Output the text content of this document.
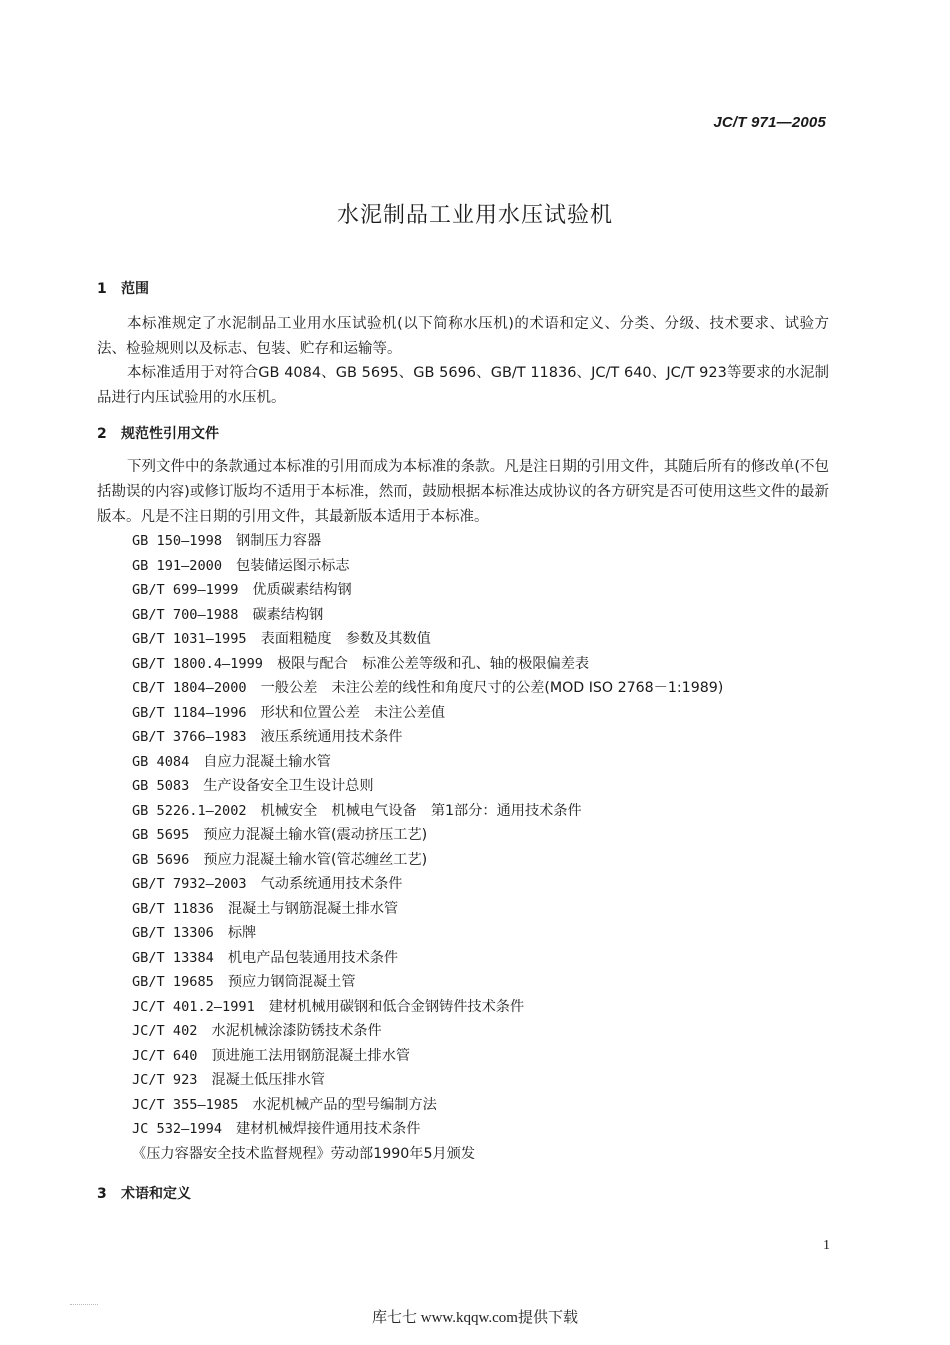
JC/T 971—2005
水泥制品工业用水压试验机
1 范围
本标准规定了水泥制品工业用水压试验机(以下简称水压机)的术语和定义、分类、分级、技术要求、试验方法、检验规则以及标志、包装、贮存和运输等。
本标准适用于对符合GB 4084、GB 5695、GB 5696、GB/T 11836、JC/T 640、JC/T 923等要求的水泥制品进行内压试验用的水压机。
2 规范性引用文件
下列文件中的条款通过本标准的引用而成为本标准的条款。凡是注日期的引用文件，其随后所有的修改单(不包括勘误的内容)或修订版均不适用于本标准，然而，鼓励根据本标准达成协议的各方研究是否可使用这些文件的最新版本。凡是不注日期的引用文件，其最新版本适用于本标准。
GB 150—1998 钢制压力容器
GB 191—2000 包装储运图示标志
GB/T 699—1999 优质碳素结构钢
GB/T 700—1988 碳素结构钢
GB/T 1031—1995 表面粗糙度　参数及其数值
GB/T 1800.4—1999 极限与配合　标准公差等级和孔、轴的极限偏差表
CB/T 1804—2000 一般公差　未注公差的线性和角度尺寸的公差(MOD ISO 2768－1:1989)
GB/T 1184—1996 形状和位置公差　未注公差值
GB/T 3766—1983 液压系统通用技术条件
GB 4084 自应力混凝土输水管
GB 5083 生产设备安全卫生设计总则
GB 5226.1—2002 机械安全　机械电气设备　第1部分：通用技术条件
GB 5695 预应力混凝土输水管(震动挤压工艺)
GB 5696 预应力混凝土输水管(管芯缠丝工艺)
GB/T 7932—2003 气动系统通用技术条件
GB/T 11836 混凝土与钢筋混凝土排水管
GB/T 13306 标牌
GB/T 13384 机电产品包装通用技术条件
GB/T 19685 预应力钢筒混凝土管
JC/T 401.2—1991 建材机械用碳钢和低合金钢铸件技术条件
JC/T 402 水泥机械涂漆防锈技术条件
JC/T 640 顶进施工法用钢筋混凝土排水管
JC/T 923 混凝土低压排水管
JC/T 355—1985 水泥机械产品的型号编制方法
JC 532—1994 建材机械焊接件通用技术条件
《压力容器安全技术监督规程》劳动部1990年5月颁发
3 术语和定义
1
库七七 www.kqqw.com提供下载
